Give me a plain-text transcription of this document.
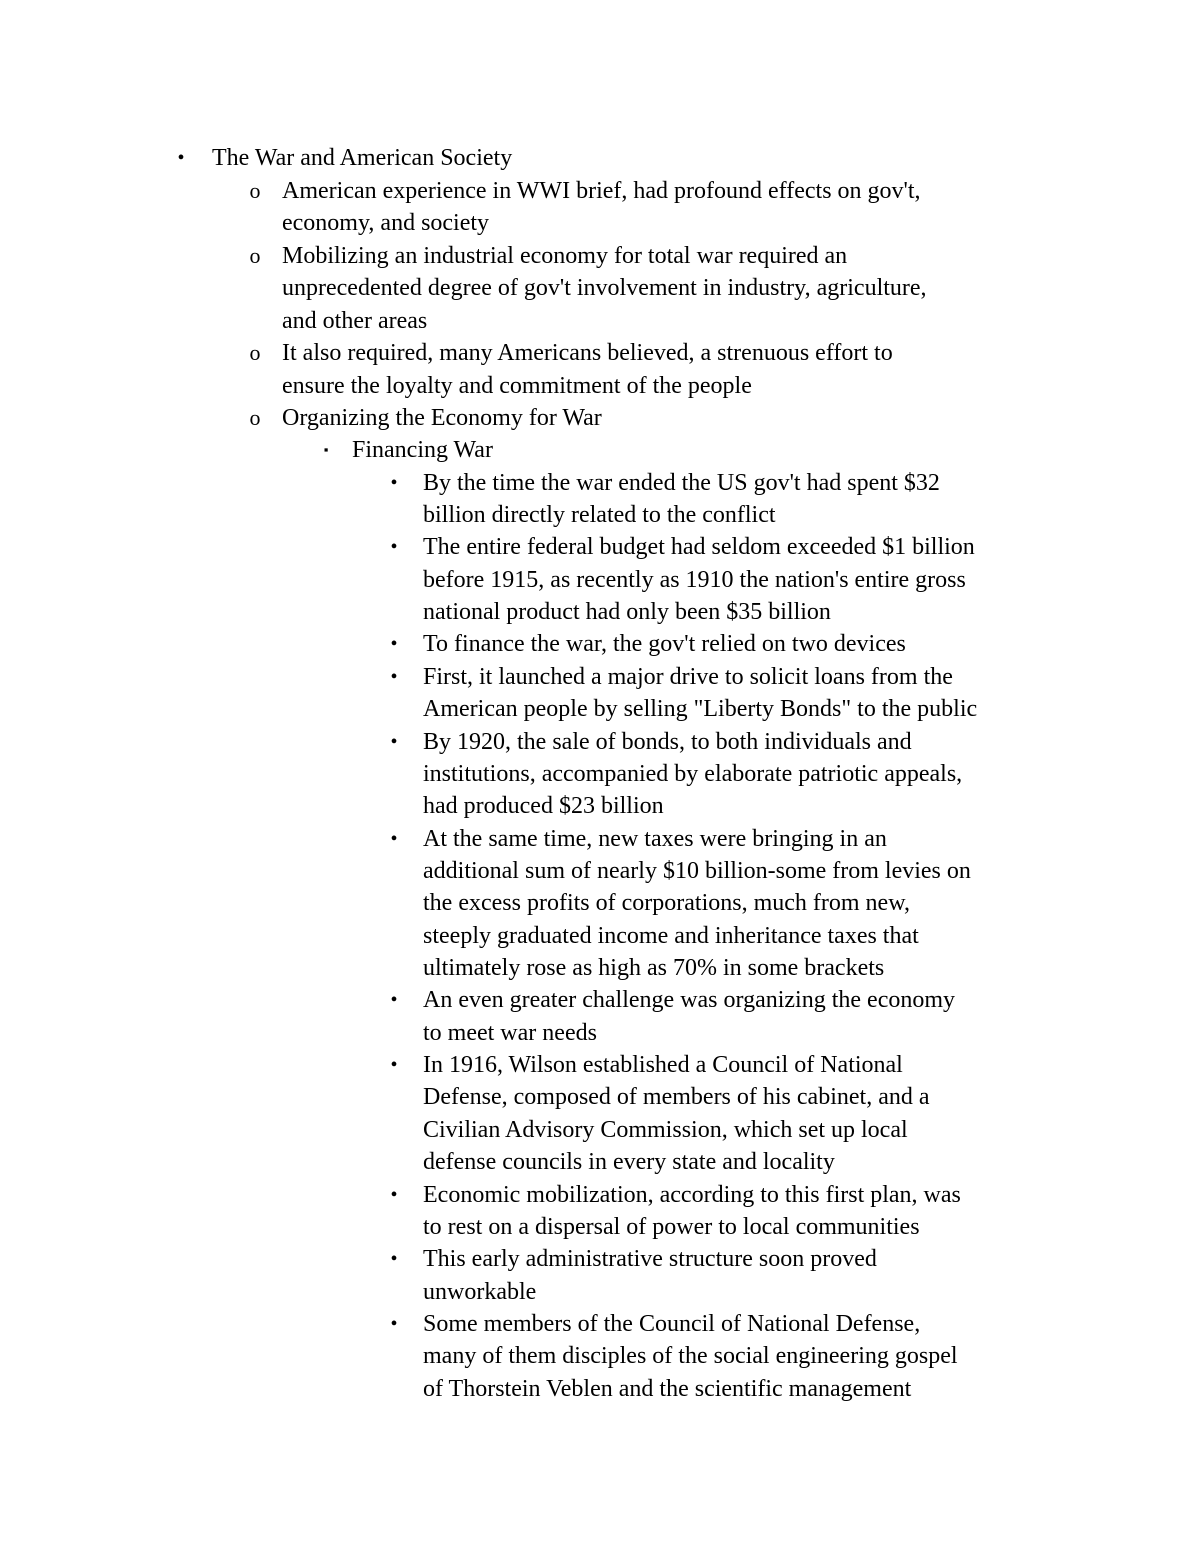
• The War and American Society
o American experience in WWI brief, had profound effects on gov't,
economy, and society
o Mobilizing an industrial economy for total war required an
unprecedented degree of gov't involvement in industry, agriculture,
and other areas
o It also required, many Americans believed, a strenuous effort to
ensure the loyalty and commitment of the people
o Organizing the Economy for War
▪ Financing War
• By the time the war ended the US gov't had spent $32
billion directly related to the conflict
• The entire federal budget had seldom exceeded $1 billion
before 1915, as recently as 1910 the nation's entire gross
national product had only been $35 billion
• To finance the war, the gov't relied on two devices
• First, it launched a major drive to solicit loans from the
American people by selling "Liberty Bonds" to the public
• By 1920, the sale of bonds, to both individuals and
institutions, accompanied by elaborate patriotic appeals,
had produced $23 billion
• At the same time, new taxes were bringing in an
additional sum of nearly $10 billion-some from levies on
the excess profits of corporations, much from new,
steeply graduated income and inheritance taxes that
ultimately rose as high as 70% in some brackets
• An even greater challenge was organizing the economy
to meet war needs
• In 1916, Wilson established a Council of National
Defense, composed of members of his cabinet, and a
Civilian Advisory Commission, which set up local
defense councils in every state and locality
• Economic mobilization, according to this first plan, was
to rest on a dispersal of power to local communities
• This early administrative structure soon proved
unworkable
• Some members of the Council of National Defense,
many of them disciples of the social engineering gospel
of Thorstein Veblen and the scientific management
